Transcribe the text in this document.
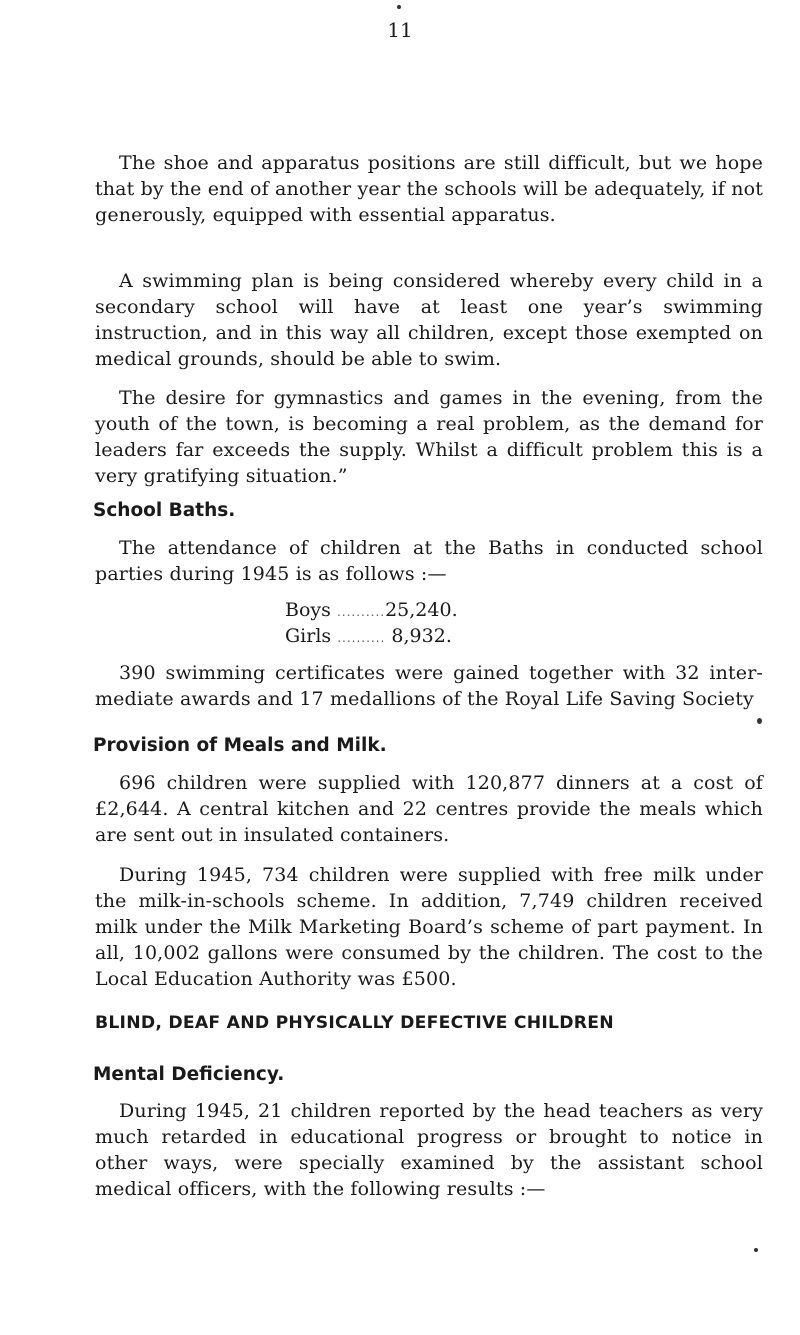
11

The shoe and apparatus positions are still difficult, but we hope that by the end of another year the schools will be adequately, if not generously, equipped with essential apparatus.

A swimming plan is being considered whereby every child in a secondary school will have at least one year’s swimming instruction, and in this way all children, except those exempted on medical grounds, should be able to swim.

The desire for gymnastics and games in the evening, from the youth of the town, is becoming a real problem, as the demand for leaders far exceeds the supply. Whilst a difficult problem this is a very gratifying situation.”

School Baths.

The attendance of children at the Baths in conducted school parties during 1945 is as follows :—

Boys ..........25,240.
Girls .......... 8,932.

390 swimming certificates were gained together with 32 inter-mediate awards and 17 medallions of the Royal Life Saving Society

Provision of Meals and Milk.

696 children were supplied with 120,877 dinners at a cost of £2,644. A central kitchen and 22 centres provide the meals which are sent out in insulated containers.

During 1945, 734 children were supplied with free milk under the milk-in-schools scheme. In addition, 7,749 children received milk under the Milk Marketing Board’s scheme of part payment. In all, 10,002 gallons were consumed by the children. The cost to the Local Education Authority was £500.

BLIND, DEAF AND PHYSICALLY DEFECTIVE CHILDREN
Mental Deficiency.

During 1945, 21 children reported by the head teachers as very much retarded in educational progress or brought to notice in other ways, were specially examined by the assistant school medical officers, with the following results :—
